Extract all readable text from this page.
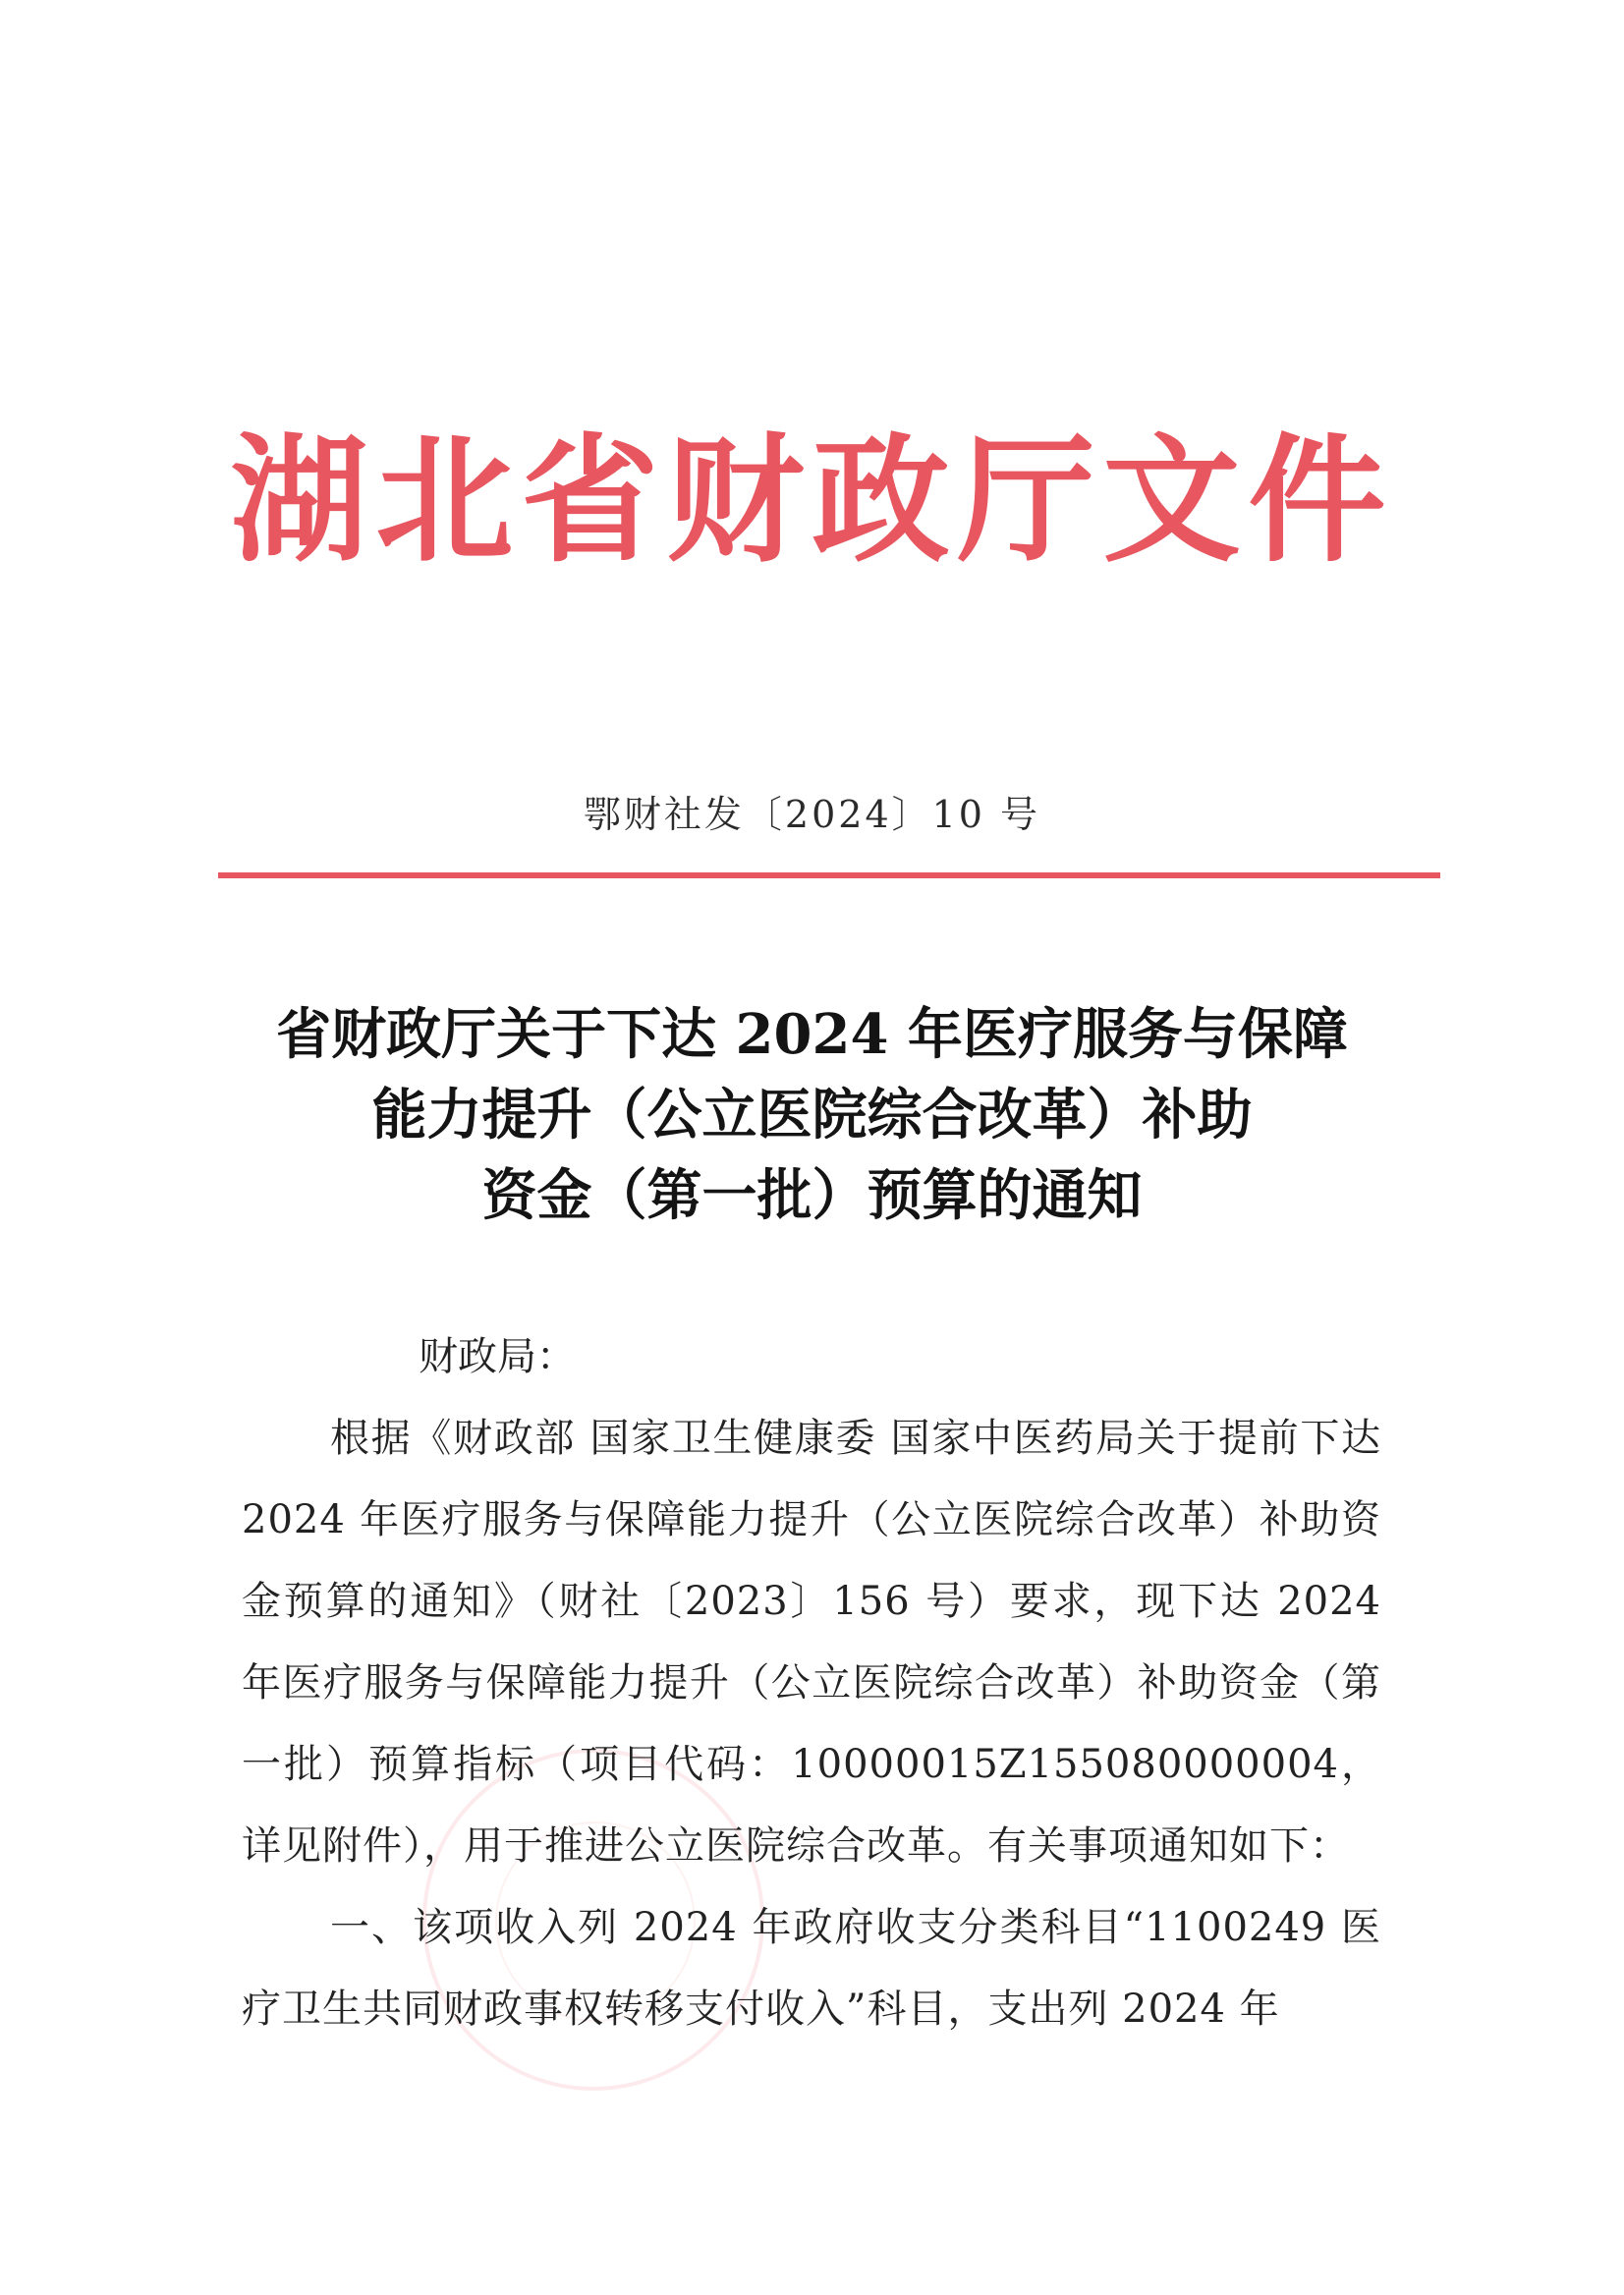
湖北省财政厅文件
鄂财社发〔2024〕10 号
省财政厅关于下达 2024 年医疗服务与保障
能力提升（公立医院综合改革）补助
资金（第一批）预算的通知
财政局：
根据《财政部 国家卫生健康委 国家中医药局关于提前下达 2024 年医疗服务与保障能力提升（公立医院综合改革）补助资金预算的通知》（财社〔2023〕156 号）要求，现下达 2024 年医疗服务与保障能力提升（公立医院综合改革）补助资金（第一批）预算指标（项目代码：10000015Z155080000004，详见附件），用于推进公立医院综合改革。有关事项通知如下：
一、该项收入列 2024 年政府收支分类科目“1100249 医疗卫生共同财政事权转移支付收入”科目，支出列 2024 年
